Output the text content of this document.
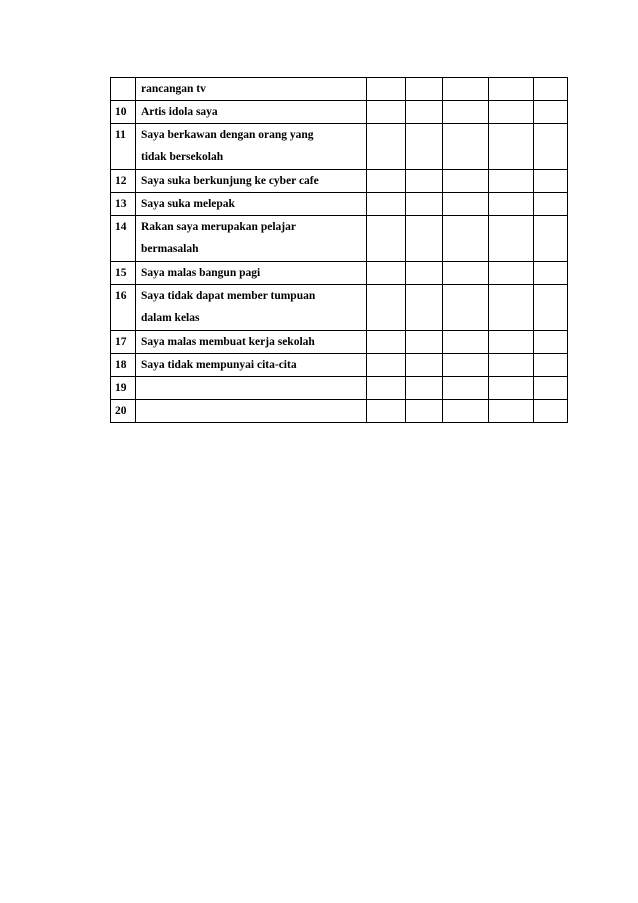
	rancangan tv					

10	Artis idola saya					

11	Saya berkawan dengan orang yang
tidak bersekolah					

12	Saya suka berkunjung ke cyber cafe					

13	Saya suka melepak					

14	Rakan saya merupakan pelajar
bermasalah					

15	Saya malas bangun pagi					

16	Saya tidak dapat member tumpuan
dalam kelas					

17	Saya malas membuat kerja sekolah					

18	Saya tidak mempunyai cita-cita					

19	

20	
